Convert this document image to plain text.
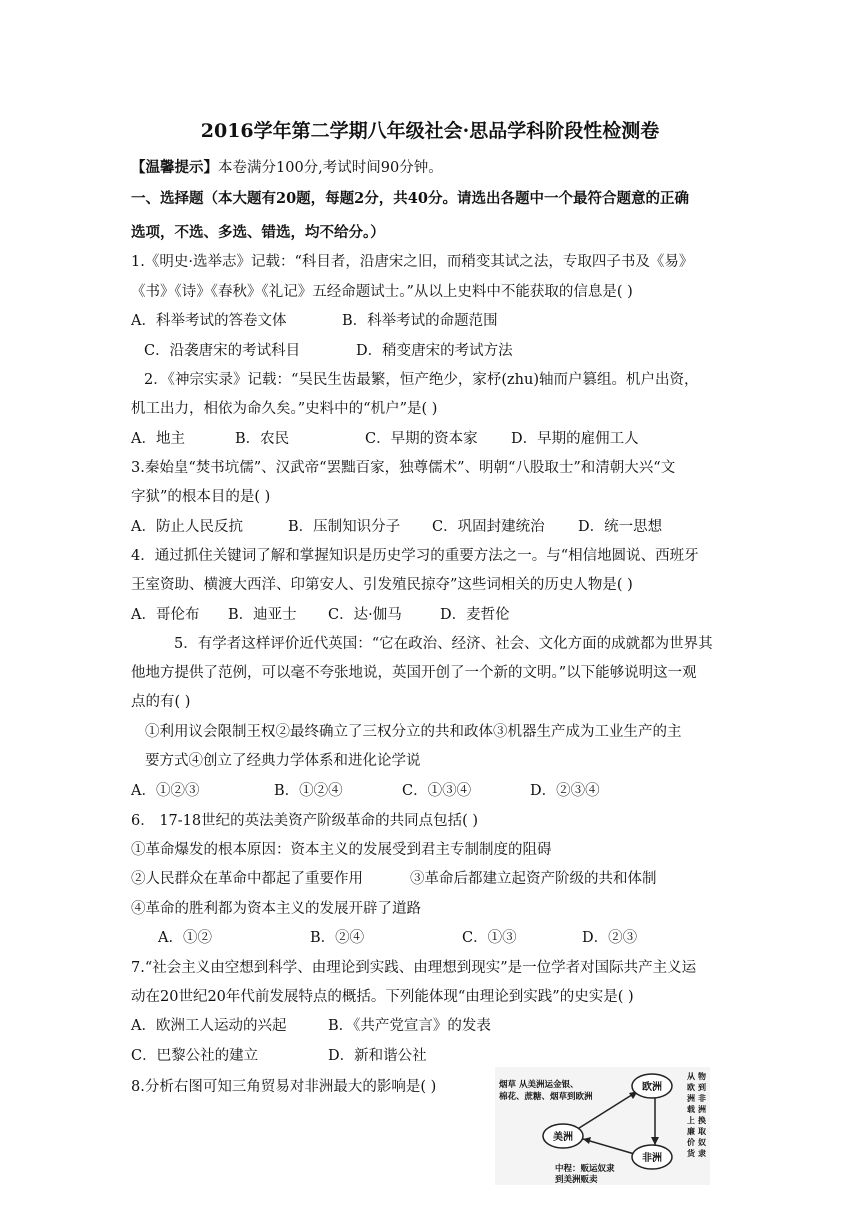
2016学年第二学期八年级社会·思品学科阶段性检测卷
【温馨提示】本卷满分100分,考试时间90分钟。
一、选择题（本大题有20题，每题2分，共40分。请选出各题中一个最符合题意的正确
选项，不选、多选、错选，均不给分。）
1.《明史·选举志》记载：“科目者，沿唐宋之旧，而稍变其试之法，专取四子书及《易》
《书》《诗》《春秋》《礼记》五经命题试士。”从以上史料中不能获取的信息是( )
A．科举考试的答卷文体	B．科举考试的命题范围
C．沿袭唐宋的考试科目	D．稍变唐宋的考试方法
2．《神宗实录》记载：“吴民生齿最繁，恒产绝少，家杼(zhu)轴而户篡组。机户出资，
机工出力，相依为命久矣。”史料中的“机户”是( )
A．地主	B．农民	C．早期的资本家 D．早期的雇佣工人
3.秦始皇“焚书坑儒”、汉武帝“罢黜百家，独尊儒术”、明朝“八股取士”和清朝大兴“文
字狱”的根本目的是( )
A．防止人民反抗	B．压制知识分子 C．巩固封建统治 D．统一思想
4．通过抓住关键词了解和掌握知识是历史学习的重要方法之一。与“相信地圆说、西班牙
王室资助、横渡大西洋、印第安人、引发殖民掠夺”这些词相关的历史人物是( )
A．哥伦布 B．迪亚士 C．达·伽马	D．麦哲伦
5．有学者这样评价近代英国：“它在政治、经济、社会、文化方面的成就都为世界其
他地方提供了范例，可以毫不夸张地说，英国开创了一个新的文明。”以下能够说明这一观
点的有( )
①利用议会限制王权②最终确立了三权分立的共和政体③机器生产成为工业生产的主
要方式④创立了经典力学体系和进化论学说
A．①②③	B．①②④	C．①③④	D．②③④
6． 17-18世纪的英法美资产阶级革命的共同点包括( )
①革命爆发的根本原因：资本主义的发展受到君主专制制度的阻碍
②人民群众在革命中都起了重要作用	③革命后都建立起资产阶级的共和体制
④革命的胜利都为资本主义的发展开辟了道路
A．①②	B．②④	C．①③	D．②③
7.“社会主义由空想到科学、由理论到实践、由理想到现实”是一位学者对国际共产主义运
动在20世纪20年代前发展特点的概括。下列能体现“由理论到实践”的史实是( )
A．欧洲工人运动的兴起	B．《共产党宣言》的发表
C．巴黎公社的建立	D．新和谐公社
8.分析右图可知三角贸易对非洲最大的影响是( )	欧洲
美洲
非洲
烟草 从美洲运金银、
棉花、蔗糖、烟草到欧洲
中程：贩运奴隶
到美洲贩卖
从欧洲载上廉价货物到非洲换取奴隶
